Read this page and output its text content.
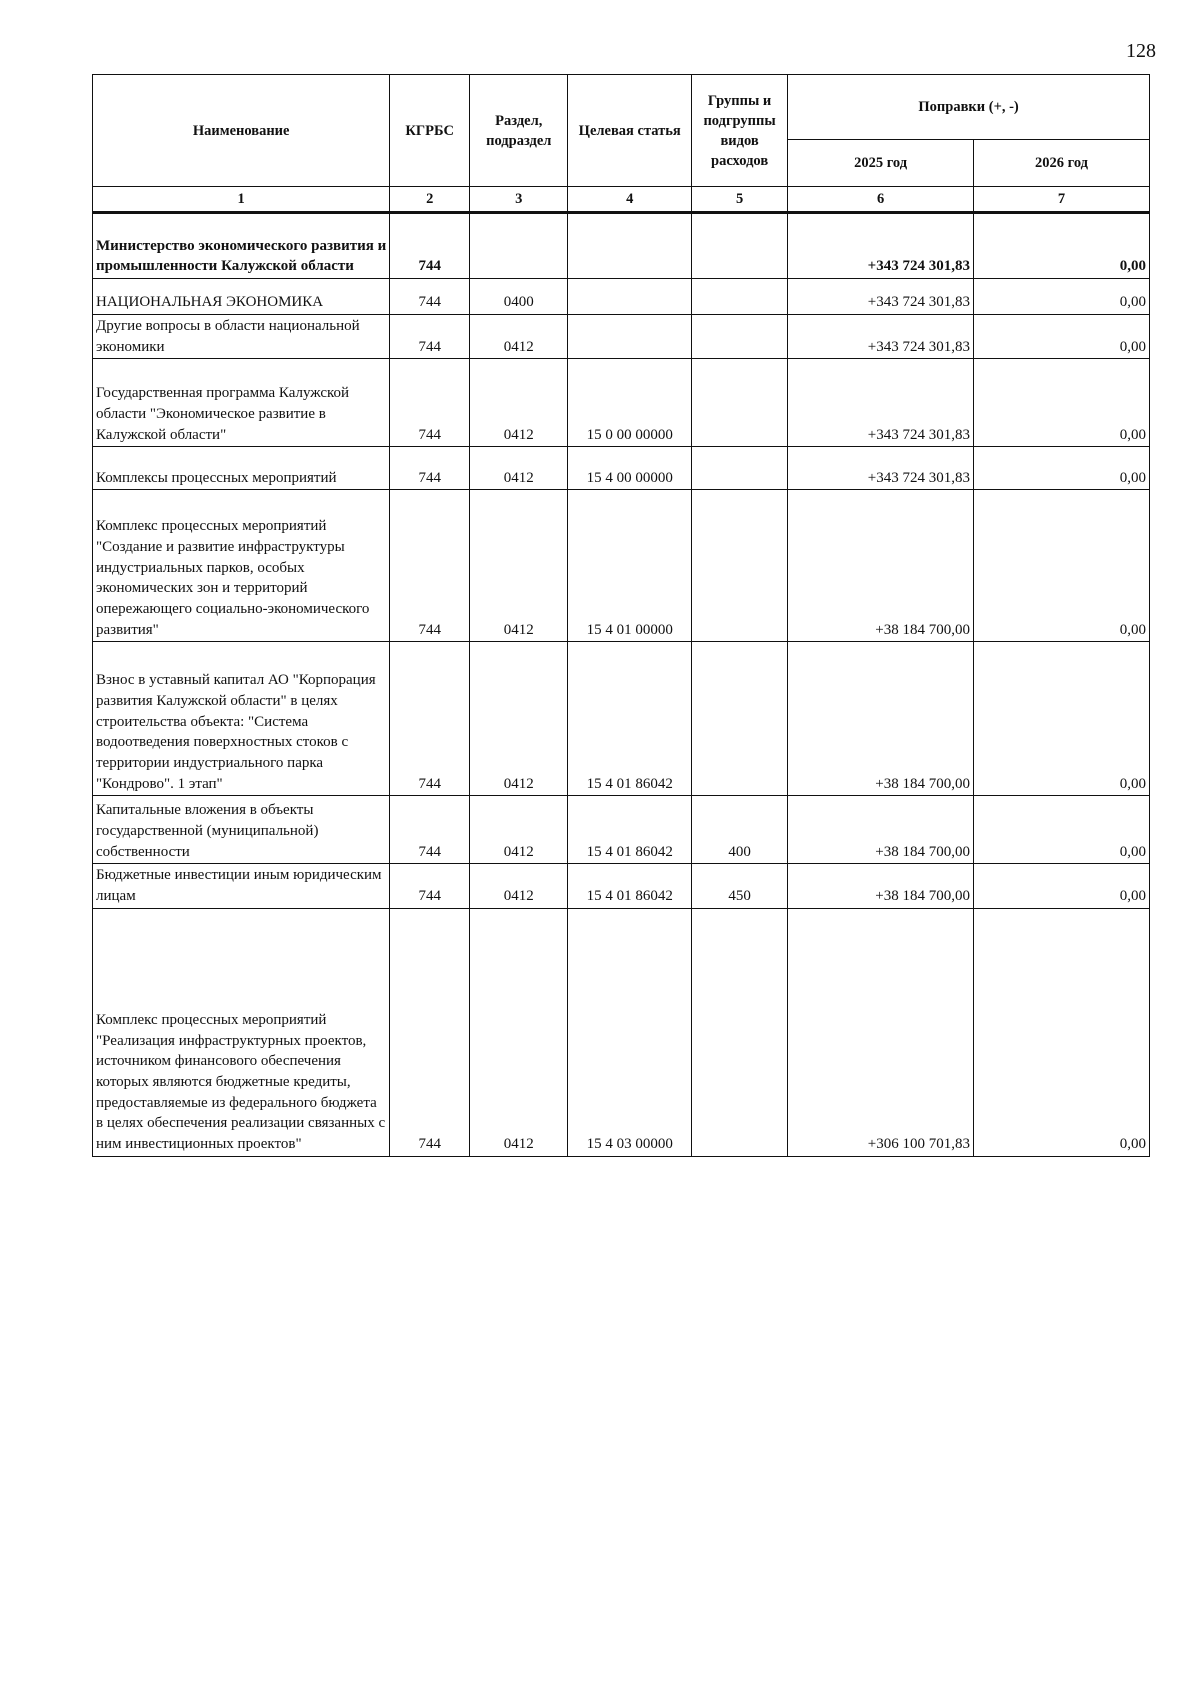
128
Наименование	КГРБС	Раздел, подраздел	Целевая статья	Группы и подгруппы видов расходов	Поправки (+, -)	
					2025 год	2026 год
1	2	3	4	5	6	7
Министерство экономического развития и промышленности Калужской области	744				+343 724 301,83	0,00
НАЦИОНАЛЬНАЯ ЭКОНОМИКА	744	0400			+343 724 301,83	0,00
Другие вопросы в области национальной экономики	744	0412			+343 724 301,83	0,00
Государственная программа Калужской области "Экономическое развитие в Калужской области"	744	0412	15 0 00 00000		+343 724 301,83	0,00
Комплексы процессных мероприятий	744	0412	15 4 00 00000		+343 724 301,83	0,00
Комплекс процессных мероприятий "Создание и развитие инфраструктуры индустриальных парков, особых экономических зон и территорий опережающего социально-экономического развития"	744	0412	15 4 01 00000		+38 184 700,00	0,00
Взнос в уставный капитал АО "Корпорация развития Калужской области" в целях строительства объекта: "Система водоотведения поверхностных стоков с территории индустриального парка "Кондрово". 1 этап"	744	0412	15 4 01 86042		+38 184 700,00	0,00
Капитальные вложения в объекты государственной (муниципальной) собственности	744	0412	15 4 01 86042	400	+38 184 700,00	0,00
Бюджетные инвестиции иным юридическим лицам	744	0412	15 4 01 86042	450	+38 184 700,00	0,00
Комплекс процессных мероприятий "Реализация инфраструктурных проектов, источником финансового обеспечения которых являются бюджетные кредиты, предоставляемые из федерального бюджета в целях обеспечения реализации связанных с ним инвестиционных проектов"	744	0412	15 4 03 00000		+306 100 701,83	0,00
